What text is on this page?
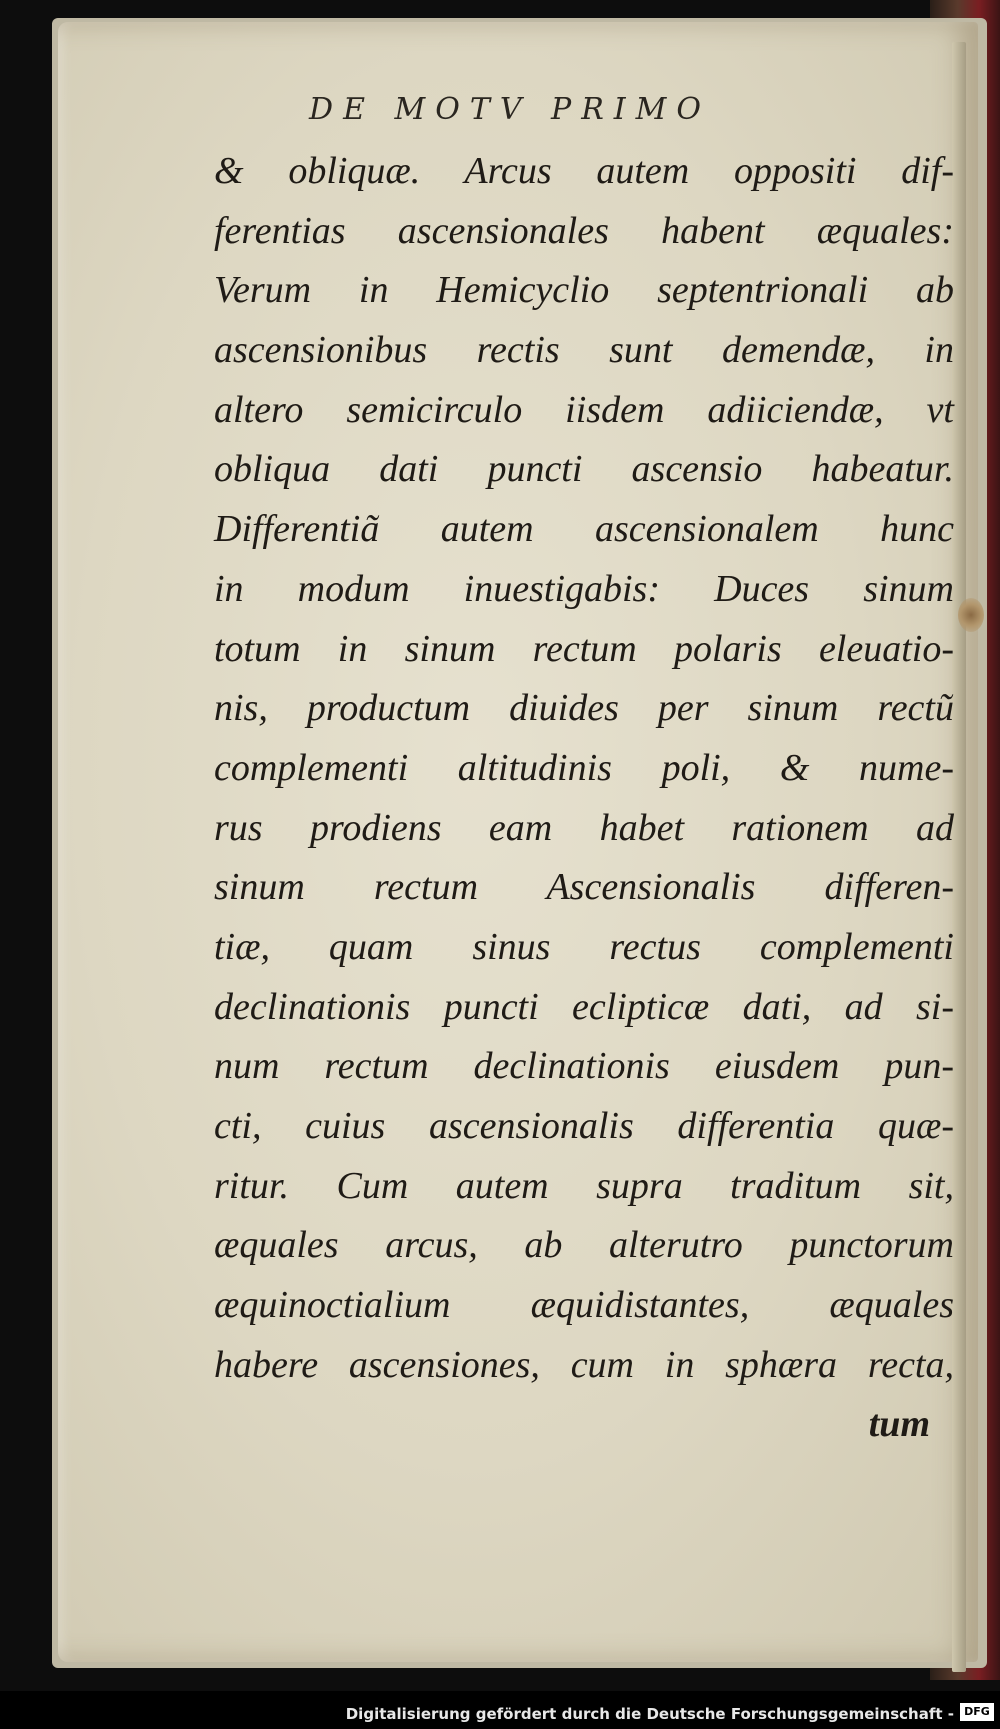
DE MOTV PRIMO
& obliquæ. Arcus autem oppositi dif-
ferentias ascensionales habent æquales:
Verum in Hemicyclio septentrionali ab
ascensionibus rectis sunt demendæ, in
altero semicirculo iisdem adiiciendæ, vt
obliqua dati puncti ascensio habeatur.
Differentiã autem ascensionalem hunc
in modum inuestigabis: Duces sinum
totum in sinum rectum polaris eleuatio-
nis, productum diuides per sinum rectũ
complementi altitudinis poli, & nume-
rus prodiens eam habet rationem ad
sinum rectum Ascensionalis differen-
tiæ, quam sinus rectus complementi
declinationis puncti eclipticæ dati, ad si-
num rectum declinationis eiusdem pun-
cti, cuius ascensionalis differentia quæ-
ritur. Cum autem supra traditum sit,
æquales arcus, ab alterutro punctorum
æquinoctialium æquidistantes, æquales
habere ascensiones, cum in sphæra recta,
tum
Digitalisierung gefördert durch die Deutsche Forschungsgemeinschaft - DFG
